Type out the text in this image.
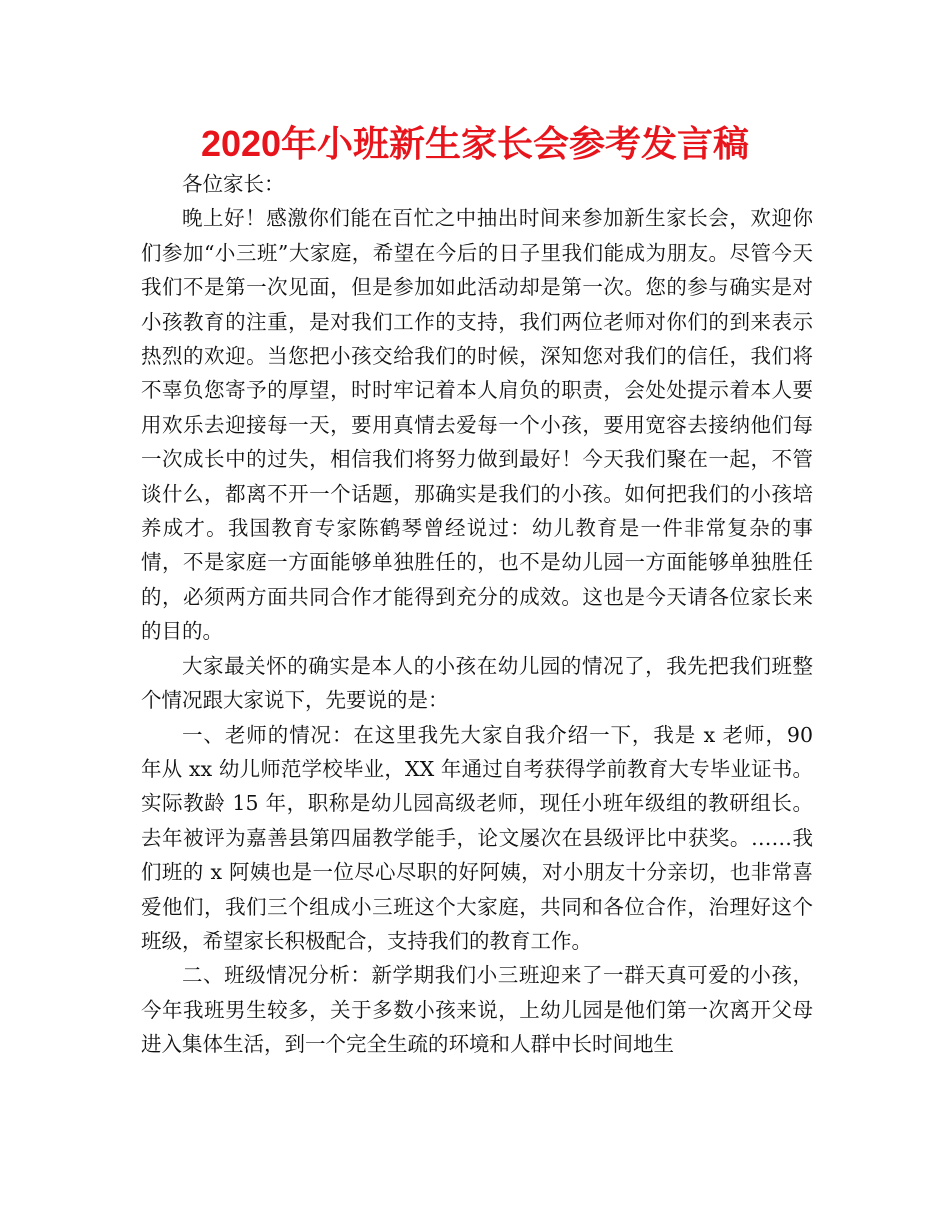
2020年小班新生家长会参考发言稿

各位家长：

晚上好！感激你们能在百忙之中抽出时间来参加新生家长会，欢迎你们参加“小三班”大家庭，希望在今后的日子里我们能成为朋友。尽管今天我们不是第一次见面，但是参加如此活动却是第一次。您的参与确实是对小孩教育的注重，是对我们工作的支持，我们两位老师对你们的到来表示热烈的欢迎。当您把小孩交给我们的时候，深知您对我们的信任，我们将不辜负您寄予的厚望，时时牢记着本人肩负的职责，会处处提示着本人要用欢乐去迎接每一天，要用真情去爱每一个小孩，要用宽容去接纳他们每一次成长中的过失，相信我们将努力做到最好！今天我们聚在一起，不管谈什么，都离不开一个话题，那确实是我们的小孩。如何把我们的小孩培养成才。我国教育专家陈鹤琴曾经说过：幼儿教育是一件非常复杂的事情，不是家庭一方面能够单独胜任的，也不是幼儿园一方面能够单独胜任的，必须两方面共同合作才能得到充分的成效。这也是今天请各位家长来的目的。

大家最关怀的确实是本人的小孩在幼儿园的情况了，我先把我们班整个情况跟大家说下，先要说的是：

一、老师的情况：在这里我先大家自我介绍一下，我是 x 老师，90 年从 xx 幼儿师范学校毕业，XX 年通过自考获得学前教育大专毕业证书。实际教龄 15 年，职称是幼儿园高级老师，现任小班年级组的教研组长。去年被评为嘉善县第四届教学能手，论文屡次在县级评比中获奖。……我们班的 x 阿姨也是一位尽心尽职的好阿姨，对小朋友十分亲切，也非常喜爱他们，我们三个组成小三班这个大家庭，共同和各位合作，治理好这个班级，希望家长积极配合，支持我们的教育工作。

二、班级情况分析：新学期我们小三班迎来了一群天真可爱的小孩，今年我班男生较多，关于多数小孩来说，上幼儿园是他们第一次离开父母进入集体生活，到一个完全生疏的环境和人群中长时间地生
